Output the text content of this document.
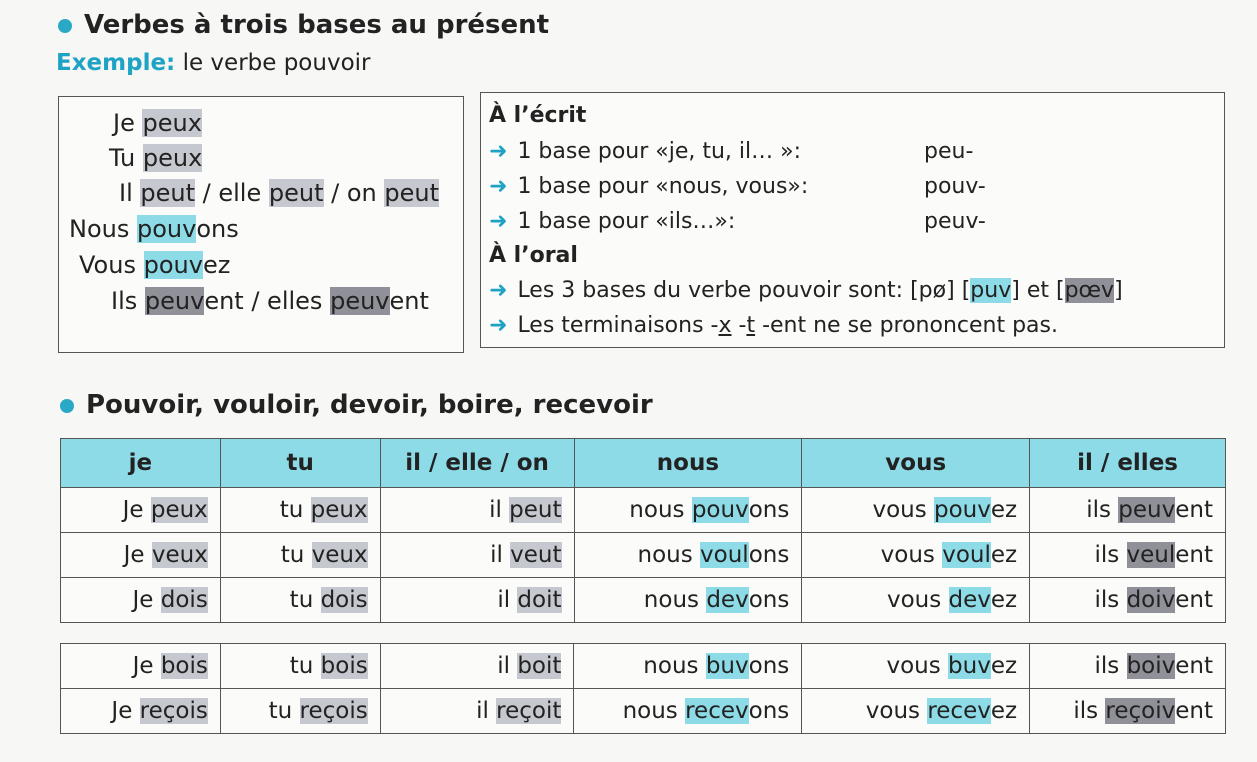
Verbes à trois bases au présent
Exemple: le verbe pouvoir
Je peux
Tu peux
Il peut / elle peut / on peut
Nous pouvons
Vous pouvez
Ils peuvent / elles peuvent
À l’écrit
➜ 1 base pour «je, tu, il… »:	peu-
➜ 1 base pour «nous, vous»:	pouv-
➜ 1 base pour «ils…»:	peuv-
À l’oral
➜ Les 3 bases du verbe pouvoir sont: [pø] [puv] et [pœv]
➜ Les terminaisons -x -t -ent ne se prononcent pas.
Pouvoir, vouloir, devoir, boire, recevoir
je	tu	il / elle / on	nous	vous	il / elles
Je peux	tu peux	il peut	nous pouvons	vous pouvez	ils peuvent
Je veux	tu veux	il veut	nous voulons	vous voulez	ils veulent
Je dois	tu dois	il doit	nous devons	vous devez	ils doivent
Je bois	tu bois	il boit	nous buvons	vous buvez	ils boivent
Je reçois	tu reçois	il reçoit	nous recevons	vous recevez	ils reçoivent
